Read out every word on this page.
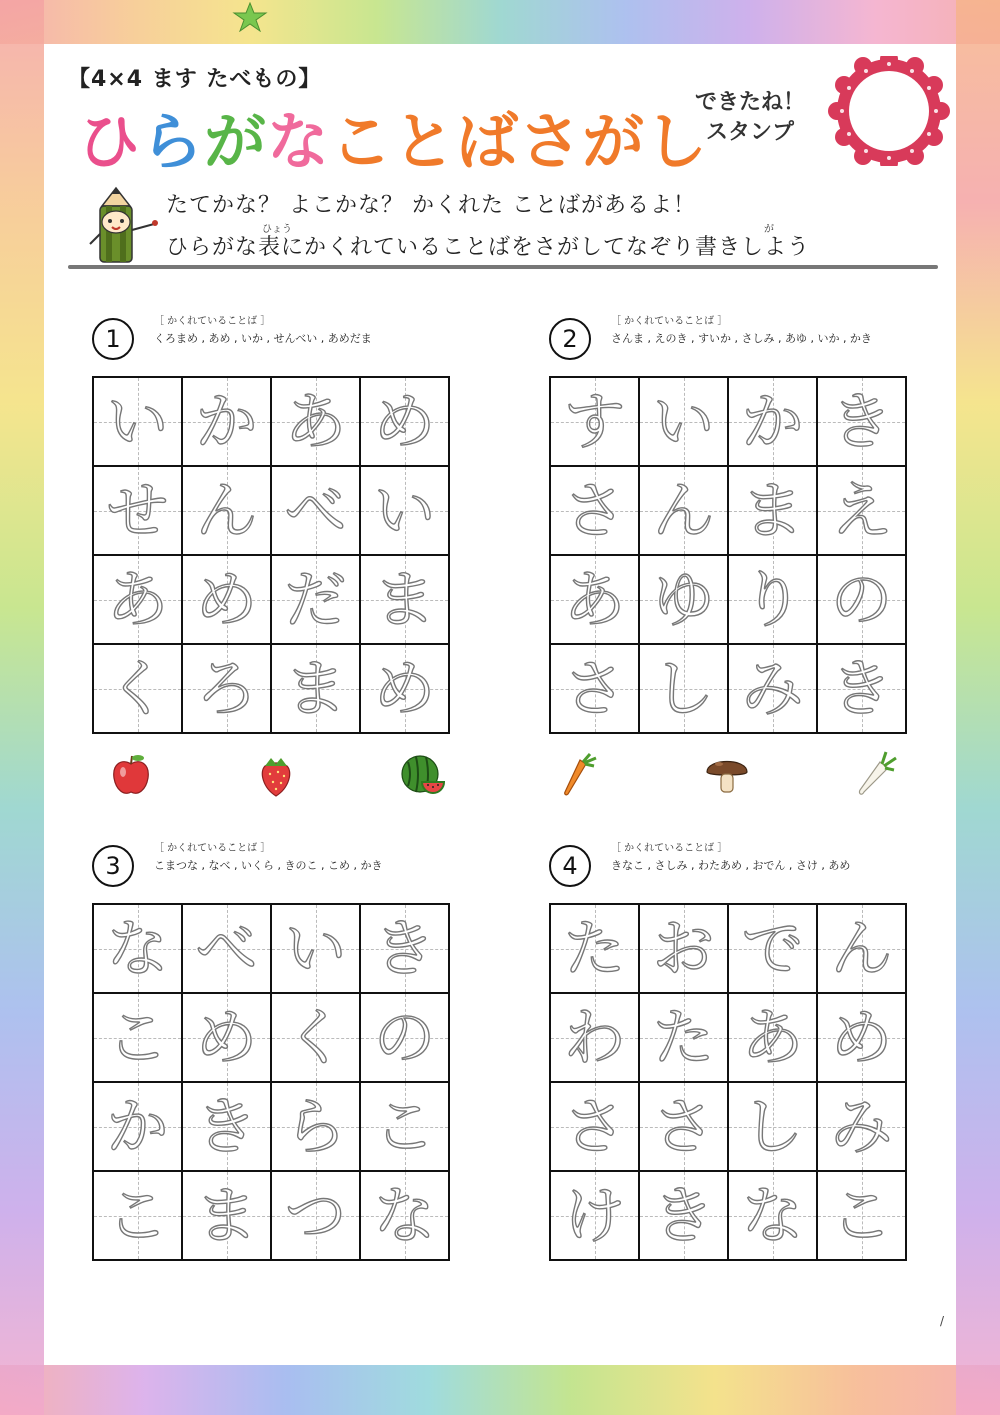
【4×4 ます たべもの】
ひらがなことばさがし
できたね！
スタンプ
たてかな？ よこかな？ かくれた ことばがあるよ！
ひょう	が
ひらがな表にかくれていることばをさがしてなぞり書きしよう
1
［ かくれていることば ］
くろまめ , あめ , いか , せんべい , あめだま
い か あ め
せ ん べ い
あ め だ ま
く ろ ま め
2
［ かくれていることば ］
さんま , えのき , すいか , さしみ , あゆ , いか , かき
す い か き
さ ん ま え
あ ゆ り の
さ し み き
3
［ かくれていることば ］
こまつな , なべ , いくら , きのこ , こめ , かき
な べ い き
こ め く の
か き ら こ
こ ま つ な
4
［ かくれていることば ］
きなこ , さしみ , わたあめ , おでん , さけ , あめ
た お で ん
わ た あ め
さ さ し み
け き な こ
/
